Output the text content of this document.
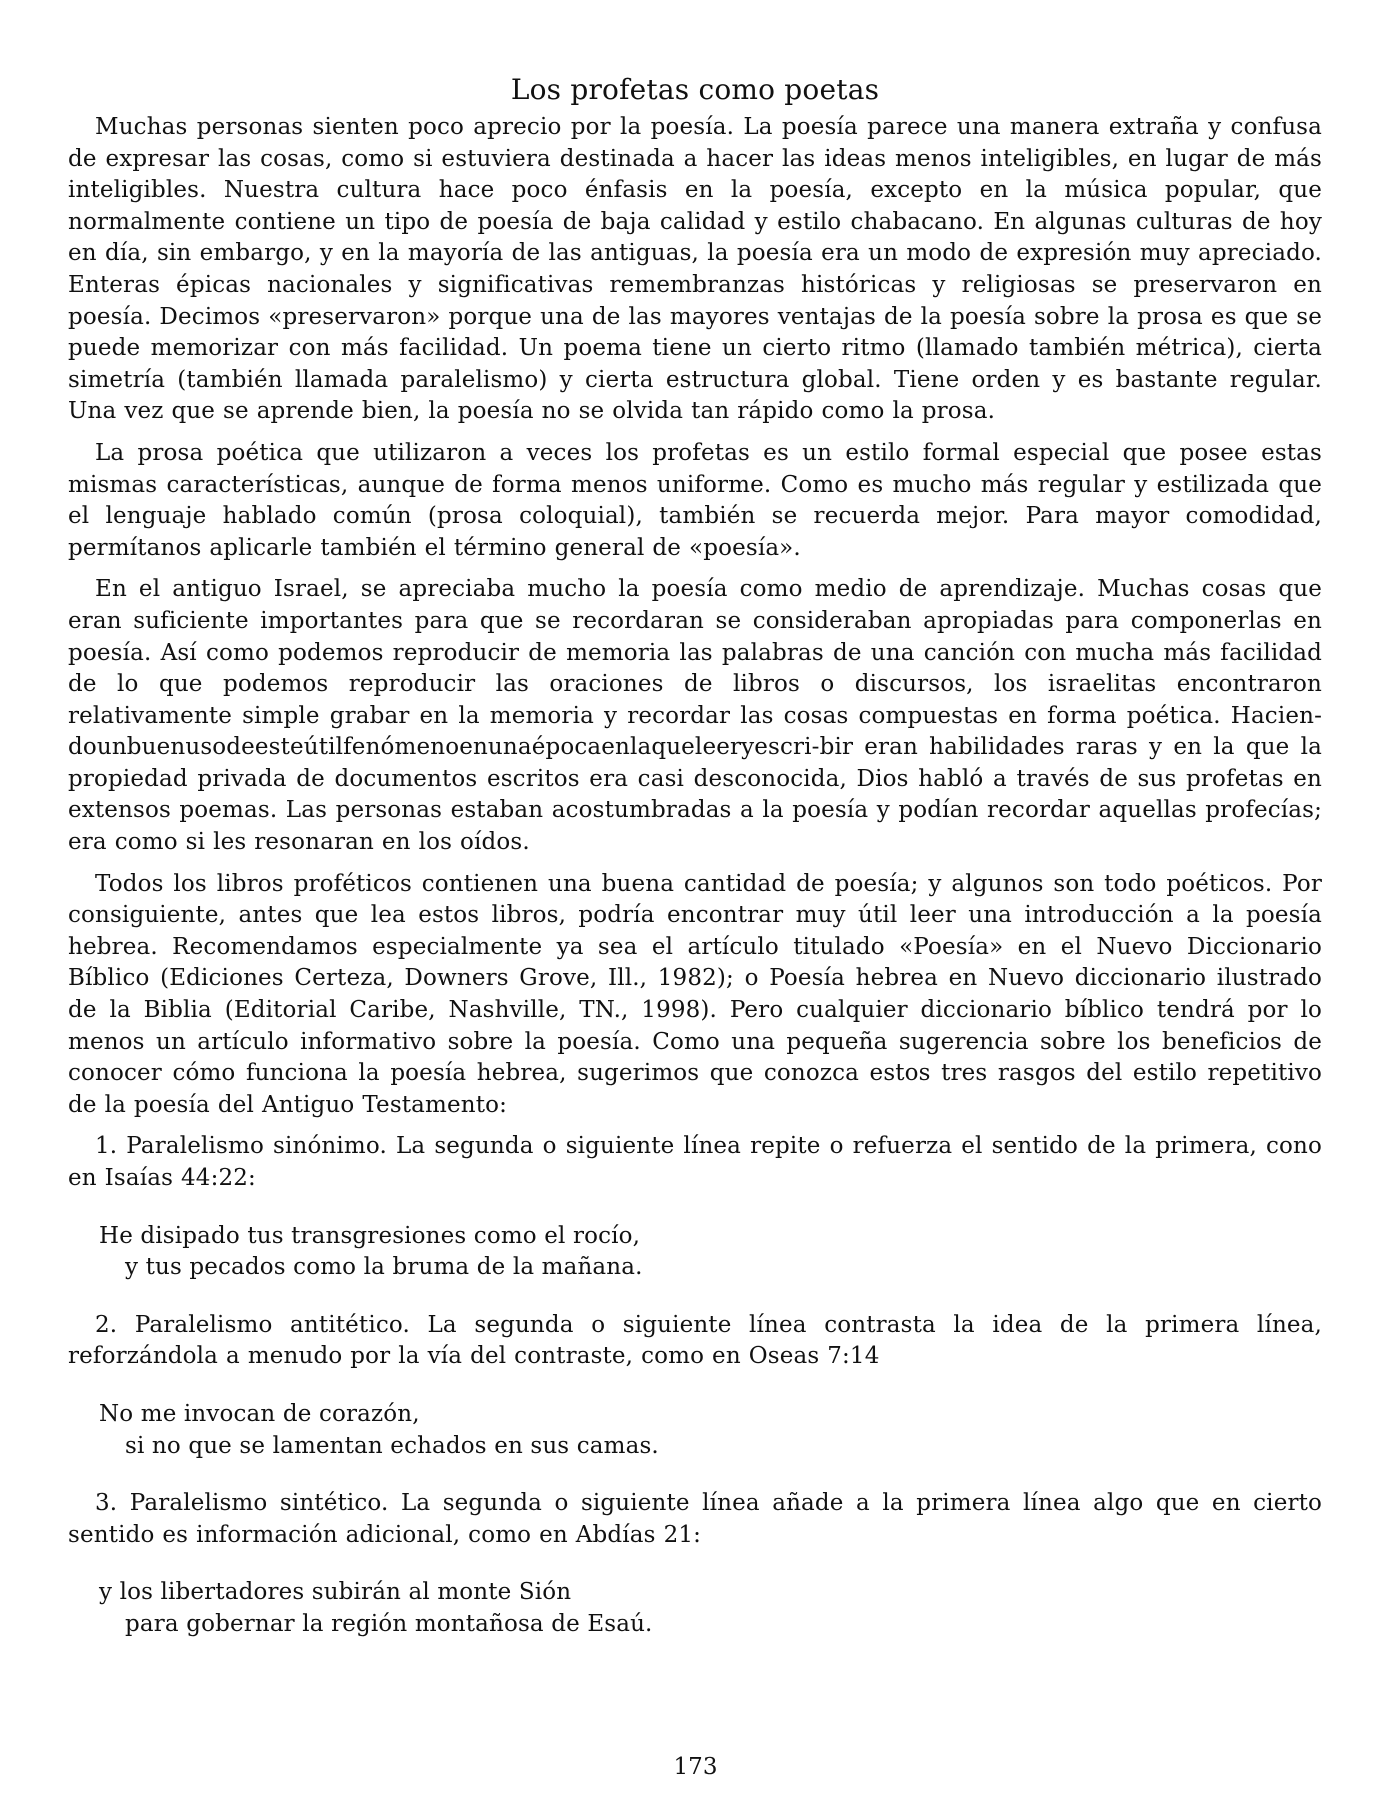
Los profetas como poetas

Muchas personas sienten poco aprecio por la poesía. La poesía parece una manera extraña y confusa de expresar las cosas, como si estuviera destinada a hacer las ideas menos inteligibles, en lugar de más inteligibles. Nuestra cultura hace poco énfasis en la poesía, excepto en la música popular, que normalmente contiene un tipo de poesía de baja calidad y estilo chabacano. En algunas culturas de hoy en día, sin embargo, y en la mayoría de las antiguas, la poesía era un modo de expresión muy apreciado. Enteras épicas nacionales y significativas remembranzas históricas y religiosas se preservaron en poesía. Decimos «preservaron» porque una de las mayores ventajas de la poesía sobre la prosa es que se puede memorizar con más facilidad. Un poema tiene un cierto ritmo (llamado también métrica), cierta simetría (también llamada paralelismo) y cierta estructura global. Tiene orden y es bastante regular. Una vez que se aprende bien, la poesía no se olvida tan rápido como la prosa.

La prosa poética que utilizaron a veces los profetas es un estilo formal especial que posee estas mismas características, aunque de forma menos uniforme. Como es mucho más regular y estilizada que el lenguaje hablado común (prosa coloquial), también se recuerda mejor. Para mayor comodidad, permítanos aplicarle también el término general de «poesía».

En el antiguo Israel, se apreciaba mucho la poesía como medio de aprendizaje. Muchas cosas que eran suficiente importantes para que se recordaran se consideraban apropiadas para componerlas en poesía. Así como podemos reproducir de memoria las palabras de una canción con mucha más facilidad de lo que podemos reproducir las oraciones de libros o discursos, los israelitas encontraron relativamente simple grabar en la memoria y recordar las cosas compuestas en forma poética. Hacien-dounbuenusodeesteútilfenómenoenunaépocaenlaqueleeryescri-bir eran habilidades raras y en la que la propiedad privada de documentos escritos era casi desconocida, Dios habló a través de sus profetas en extensos poemas. Las personas estaban acostumbradas a la poesía y podían recordar aquellas profecías; era como si les resonaran en los oídos.

Todos los libros proféticos contienen una buena cantidad de poesía; y algunos son todo poéticos. Por consiguiente, antes que lea estos libros, podría encontrar muy útil leer una introducción a la poesía hebrea. Recomendamos especialmente ya sea el artículo titulado «Poesía» en el Nuevo Diccionario Bíblico (Ediciones Certeza, Downers Grove, Ill., 1982); o Poesía hebrea en Nuevo diccionario ilustrado de la Biblia (Editorial Caribe, Nashville, TN., 1998). Pero cualquier diccionario bíblico tendrá por lo menos un artículo informativo sobre la poesía. Como una pequeña sugerencia sobre los beneficios de conocer cómo funciona la poesía hebrea, sugerimos que conozca estos tres rasgos del estilo repetitivo de la poesía del Antiguo Testamento:

1. Paralelismo sinónimo. La segunda o siguiente línea repite o refuerza el sentido de la primera, cono en Isaías 44:22:

He disipado tus transgresiones como el rocío,
y tus pecados como la bruma de la mañana.

2. Paralelismo antitético. La segunda o siguiente línea contrasta la idea de la primera línea, reforzándola a menudo por la vía del contraste, como en Oseas 7:14

No me invocan de corazón,
si no que se lamentan echados en sus camas.

3. Paralelismo sintético. La segunda o siguiente línea añade a la primera línea algo que en cierto sentido es información adicional, como en Abdías 21:

y los libertadores subirán al monte Sión
para gobernar la región montañosa de Esaú.
173
